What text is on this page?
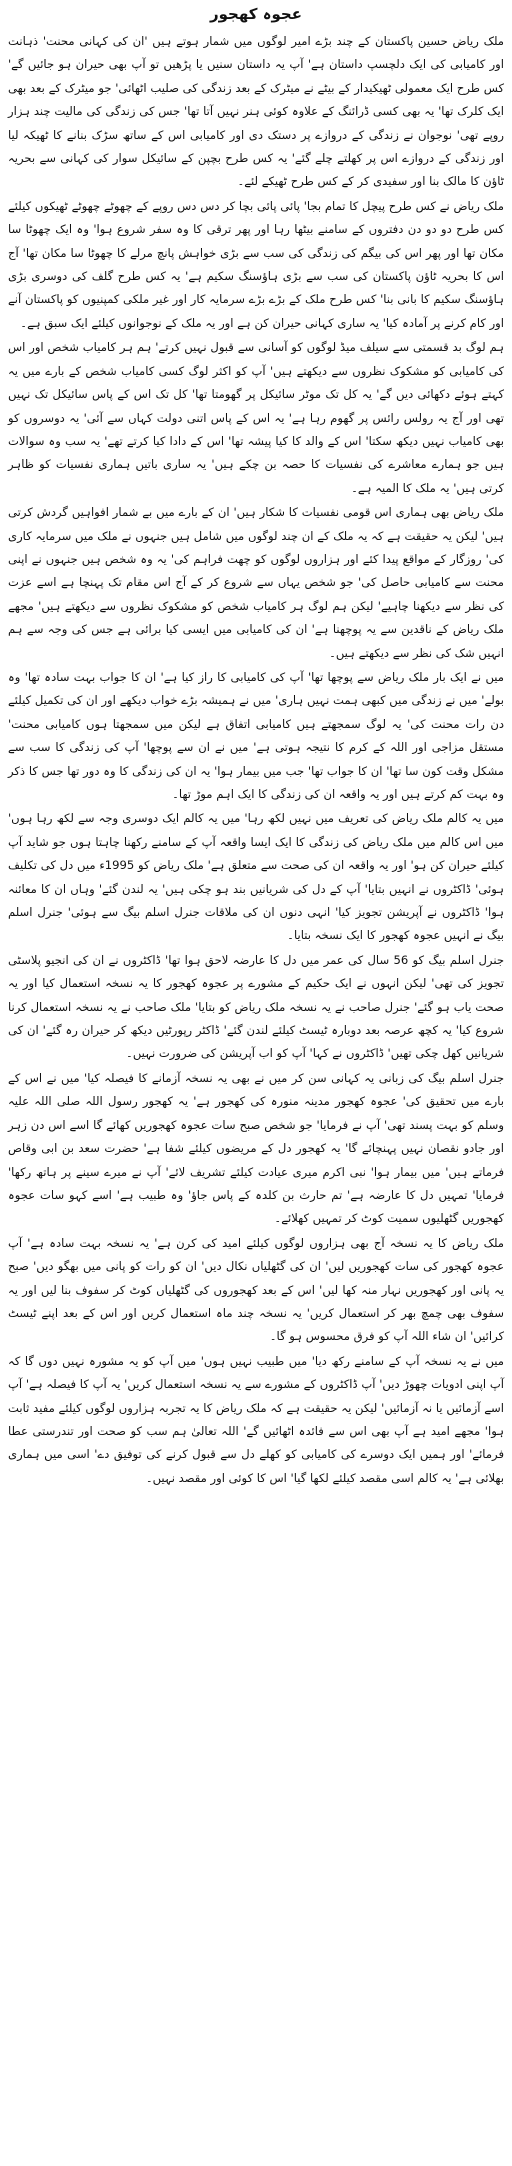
عجوہ کھجور

ملک ریاض حسین پاکستان کے چند بڑے امیر لوگوں میں شمار ہوتے ہیں 'ان کی کہانی محنت' ذہانت اور کامیابی کی ایک دلچسپ داستان ہے' آپ یہ داستان سنیں یا پڑھیں تو آپ بھی حیران ہو جائیں گے' کس طرح ایک معمولی ٹھیکیدار کے بیٹے نے میٹرک کے بعد زندگی کی صلیب اٹھائی' جو میٹرک کے بعد بھی ایک کلرک تھا' یہ بھی کسی ڈرائنگ کے علاوہ کوئی ہنر نہیں آتا تھا' جس کی زندگی کی مالیت چند ہزار روپے تھی' نوجوان نے زندگی کے دروازے پر دستک دی اور کامیابی اس کے ساتھ سڑک بنانے کا ٹھیکہ لیا اور زندگی کے دروازے اس پر کھلتے چلے گئے' یہ کس طرح بچپن کے سائیکل سوار کی کہانی سے بحریہ ٹاؤن کا مالک بنا اور سفیدی کر کے کس طرح ٹھیکے لئے۔

ملک ریاض نے کس طرح پیچل کا تمام بجا' پائی پائی بچا کر دس دس روپے کے چھوٹے چھوٹے ٹھیکوں کیلئے کس طرح دو دو دن دفتروں کے سامنے بیٹھا رہا اور پھر ترقی کا وہ سفر شروع ہوا' وہ ایک چھوٹا سا مکان تھا اور پھر اس کی بیگم کی زندگی کی سب سے بڑی خواہش پانچ مرلے کا چھوٹا سا مکان تھا' آج اس کا بحریہ ٹاؤن پاکستان کی سب سے بڑی ہاؤسنگ سکیم ہے' یہ کس طرح گلف کی دوسری بڑی ہاؤسنگ سکیم کا بانی بنا' کس طرح ملک کے بڑے بڑے سرمایہ کار اور غیر ملکی کمپنیوں کو پاکستان آنے اور کام کرنے پر آمادہ کیا' یہ ساری کہانی حیران کن ہے اور یہ ملک کے نوجوانوں کیلئے ایک سبق ہے۔

ہم لوگ بد قسمتی سے سیلف میڈ لوگوں کو آسانی سے قبول نہیں کرتے' ہم ہر کامیاب شخص اور اس کی کامیابی کو مشکوک نظروں سے دیکھتے ہیں' آپ کو اکثر لوگ کسی کامیاب شخص کے بارے میں یہ کہتے ہوئے دکھائی دیں گے' یہ کل تک موٹر سائیکل پر گھومتا تھا' کل تک اس کے پاس سائیکل تک نہیں تھی اور آج یہ رولس رائس پر گھوم رہا ہے' یہ اس کے پاس اتنی دولت کہاں سے آئی' یہ دوسروں کو بھی کامیاب نہیں دیکھ سکتا' اس کے والد کا کیا پیشہ تھا' اس کے دادا کیا کرتے تھے' یہ سب وہ سوالات ہیں جو ہمارے معاشرے کی نفسیات کا حصہ بن چکے ہیں' یہ ساری باتیں ہماری نفسیات کو ظاہر کرتی ہیں' یہ ملک کا المیہ ہے۔

ملک ریاض بھی ہماری اس قومی نفسیات کا شکار ہیں' ان کے بارے میں بے شمار افواہیں گردش کرتی ہیں' لیکن یہ حقیقت ہے کہ یہ ملک کے ان چند لوگوں میں شامل ہیں جنہوں نے ملک میں سرمایہ کاری کی' روزگار کے مواقع پیدا کئے اور ہزاروں لوگوں کو چھت فراہم کی' یہ وہ شخص ہیں جنہوں نے اپنی محنت سے کامیابی حاصل کی' جو شخص یہاں سے شروع کر کے آج اس مقام تک پہنچا ہے اسے عزت کی نظر سے دیکھنا چاہیے' لیکن ہم لوگ ہر کامیاب شخص کو مشکوک نظروں سے دیکھتے ہیں' مجھے ملک ریاض کے ناقدین سے یہ پوچھنا ہے' ان کی کامیابی میں ایسی کیا برائی ہے جس کی وجہ سے ہم انہیں شک کی نظر سے دیکھتے ہیں۔

میں نے ایک بار ملک ریاض سے پوچھا تھا' آپ کی کامیابی کا راز کیا ہے' ان کا جواب بہت سادہ تھا' وہ بولے' میں نے زندگی میں کبھی ہمت نہیں ہاری' میں نے ہمیشہ بڑے خواب دیکھے اور ان کی تکمیل کیلئے دن رات محنت کی' یہ لوگ سمجھتے ہیں کامیابی اتفاق ہے لیکن میں سمجھتا ہوں کامیابی محنت' مستقل مزاجی اور اللہ کے کرم کا نتیجہ ہوتی ہے' میں نے ان سے پوچھا' آپ کی زندگی کا سب سے مشکل وقت کون سا تھا' ان کا جواب تھا' جب میں بیمار ہوا' یہ ان کی زندگی کا وہ دور تھا جس کا ذکر وہ بہت کم کرتے ہیں اور یہ واقعہ ان کی زندگی کا ایک اہم موڑ تھا۔

میں یہ کالم ملک ریاض کی تعریف میں نہیں لکھ رہا' میں یہ کالم ایک دوسری وجہ سے لکھ رہا ہوں' میں اس کالم میں ملک ریاض کی زندگی کا ایک ایسا واقعہ آپ کے سامنے رکھنا چاہتا ہوں جو شاید آپ کیلئے حیران کن ہو' اور یہ واقعہ ان کی صحت سے متعلق ہے' ملک ریاض کو 1995ء میں دل کی تکلیف ہوئی' ڈاکٹروں نے انہیں بتایا' آپ کے دل کی شریانیں بند ہو چکی ہیں' یہ لندن گئے' وہاں ان کا معائنہ ہوا' ڈاکٹروں نے آپریشن تجویز کیا' انہی دنوں ان کی ملاقات جنرل اسلم بیگ سے ہوئی' جنرل اسلم بیگ نے انہیں عجوہ کھجور کا ایک نسخہ بتایا۔

جنرل اسلم بیگ کو 56 سال کی عمر میں دل کا عارضہ لاحق ہوا تھا' ڈاکٹروں نے ان کی انجیو پلاسٹی تجویز کی تھی' لیکن انہوں نے ایک حکیم کے مشورے پر عجوہ کھجور کا یہ نسخہ استعمال کیا اور یہ صحت یاب ہو گئے' جنرل صاحب نے یہ نسخہ ملک ریاض کو بتایا' ملک صاحب نے یہ نسخہ استعمال کرنا شروع کیا' یہ کچھ عرصہ بعد دوبارہ ٹیسٹ کیلئے لندن گئے' ڈاکٹر رپورٹیں دیکھ کر حیران رہ گئے' ان کی شریانیں کھل چکی تھیں' ڈاکٹروں نے کہا' آپ کو اب آپریشن کی ضرورت نہیں۔

جنرل اسلم بیگ کی زبانی یہ کہانی سن کر میں نے بھی یہ نسخہ آزمانے کا فیصلہ کیا' میں نے اس کے بارے میں تحقیق کی' عجوہ کھجور مدینہ منورہ کی کھجور ہے' یہ کھجور رسول اللہ صلی اللہ علیہ وسلم کو بہت پسند تھی' آپ نے فرمایا' جو شخص صبح سات عجوہ کھجوریں کھائے گا اسے اس دن زہر اور جادو نقصان نہیں پہنچائے گا' یہ کھجور دل کے مریضوں کیلئے شفا ہے' حضرت سعد بن ابی وقاص فرماتے ہیں' میں بیمار ہوا' نبی اکرم میری عیادت کیلئے تشریف لائے' آپ نے میرے سینے پر ہاتھ رکھا' فرمایا' تمہیں دل کا عارضہ ہے' تم حارث بن کلدہ کے پاس جاؤ' وہ طبیب ہے' اسے کہو سات عجوہ کھجوریں گٹھلیوں سمیت کوٹ کر تمہیں کھلائے۔

ملک ریاض کا یہ نسخہ آج بھی ہزاروں لوگوں کیلئے امید کی کرن ہے' یہ نسخہ بہت سادہ ہے' آپ عجوہ کھجور کی سات کھجوریں لیں' ان کی گٹھلیاں نکال دیں' ان کو رات کو پانی میں بھگو دیں' صبح یہ پانی اور کھجوریں نہار منہ کھا لیں' اس کے بعد کھجوروں کی گٹھلیاں کوٹ کر سفوف بنا لیں اور یہ سفوف بھی چمچ بھر کر استعمال کریں' یہ نسخہ چند ماہ استعمال کریں اور اس کے بعد اپنے ٹیسٹ کرائیں' ان شاء اللہ آپ کو فرق محسوس ہو گا۔

میں نے یہ نسخہ آپ کے سامنے رکھ دیا' میں طبیب نہیں ہوں' میں آپ کو یہ مشورہ نہیں دوں گا کہ آپ اپنی ادویات چھوڑ دیں' آپ ڈاکٹروں کے مشورے سے یہ نسخہ استعمال کریں' یہ آپ کا فیصلہ ہے' آپ اسے آزمائیں یا نہ آزمائیں' لیکن یہ حقیقت ہے کہ ملک ریاض کا یہ تجربہ ہزاروں لوگوں کیلئے مفید ثابت ہوا' مجھے امید ہے آپ بھی اس سے فائدہ اٹھائیں گے' اللہ تعالیٰ ہم سب کو صحت اور تندرستی عطا فرمائے' اور ہمیں ایک دوسرے کی کامیابی کو کھلے دل سے قبول کرنے کی توفیق دے' اسی میں ہماری بھلائی ہے' یہ کالم اسی مقصد کیلئے لکھا گیا' اس کا کوئی اور مقصد نہیں۔
